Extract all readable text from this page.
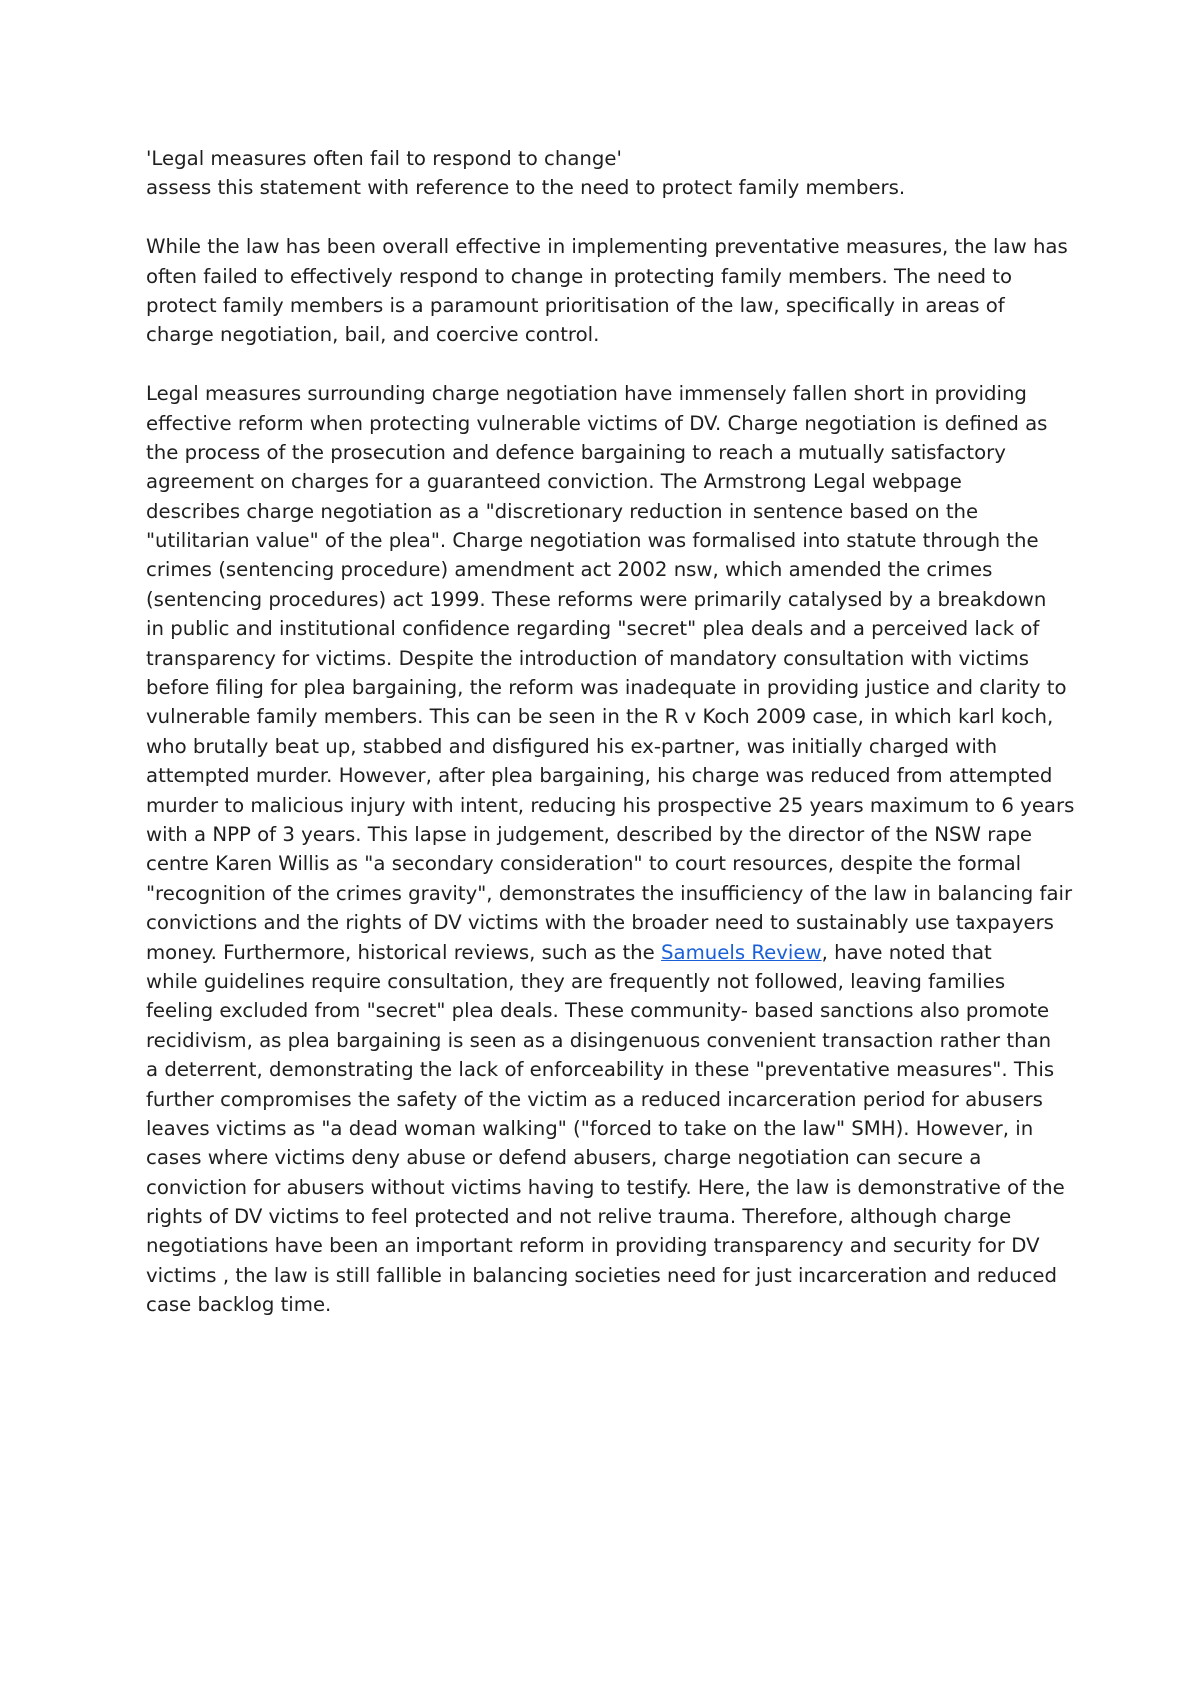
'Legal measures often fail to respond to change'
assess this statement with reference to the need to protect family members.
While the law has been overall effective in implementing preventative measures, the law has
often failed to effectively respond to change in protecting family members. The need to
protect family members is a paramount prioritisation of the law, specifically in areas of
charge negotiation, bail, and coercive control.
Legal measures surrounding charge negotiation have immensely fallen short in providing
effective reform when protecting vulnerable victims of DV. Charge negotiation is defined as
the process of the prosecution and defence bargaining to reach a mutually satisfactory
agreement on charges for a guaranteed conviction. The Armstrong Legal webpage
describes charge negotiation as a "discretionary reduction in sentence based on the
"utilitarian value" of the plea". Charge negotiation was formalised into statute through the
crimes (sentencing procedure) amendment act 2002 nsw, which amended the crimes
(sentencing procedures) act 1999. These reforms were primarily catalysed by a breakdown
in public and institutional confidence regarding "secret" plea deals and a perceived lack of
transparency for victims. Despite the introduction of mandatory consultation with victims
before filing for plea bargaining, the reform was inadequate in providing justice and clarity to
vulnerable family members. This can be seen in the R v Koch 2009 case, in which karl koch,
who brutally beat up, stabbed and disfigured his ex-partner, was initially charged with
attempted murder. However, after plea bargaining, his charge was reduced from attempted
murder to malicious injury with intent, reducing his prospective 25 years maximum to 6 years
with a NPP of 3 years. This lapse in judgement, described by the director of the NSW rape
centre Karen Willis as "a secondary consideration" to court resources, despite the formal
"recognition of the crimes gravity", demonstrates the insufficiency of the law in balancing fair
convictions and the rights of DV victims with the broader need to sustainably use taxpayers
money. Furthermore, historical reviews, such as the Samuels Review, have noted that
while guidelines require consultation, they are frequently not followed, leaving families
feeling excluded from "secret" plea deals. These community- based sanctions also promote
recidivism, as plea bargaining is seen as a disingenuous convenient transaction rather than
a deterrent, demonstrating the lack of enforceability in these "preventative measures". This
further compromises the safety of the victim as a reduced incarceration period for abusers
leaves victims as "a dead woman walking" ("forced to take on the law" SMH). However, in
cases where victims deny abuse or defend abusers, charge negotiation can secure a
conviction for abusers without victims having to testify. Here, the law is demonstrative of the
rights of DV victims to feel protected and not relive trauma. Therefore, although charge
negotiations have been an important reform in providing transparency and security for DV
victims , the law is still fallible in balancing societies need for just incarceration and reduced
case backlog time.
